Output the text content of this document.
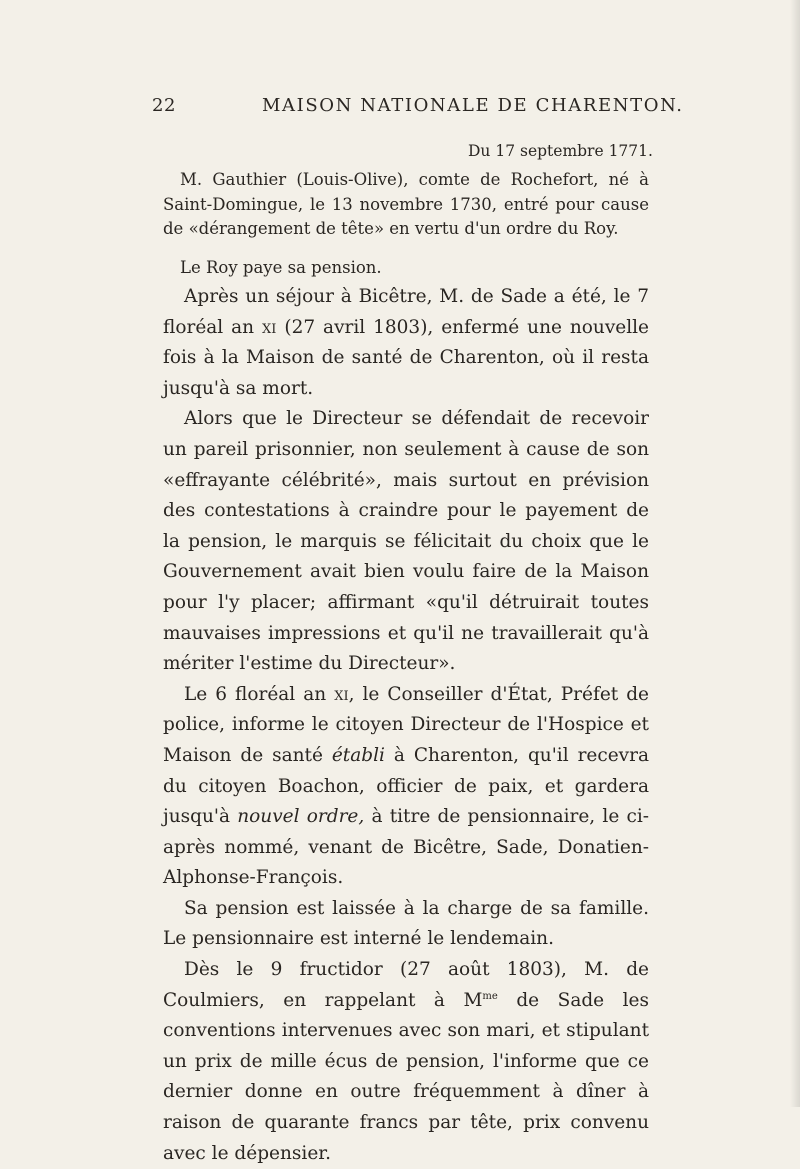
22	MAISON NATIONALE DE CHARENTON.
Du 17 septembre 1771.

M. Gauthier (Louis-Olive), comte de Rochefort, né à Saint-Domingue, le 13 novembre 1730, entré pour cause de «dérangement de tête» en vertu d'un ordre du Roy.

Le Roy paye sa pension.

Après un séjour à Bicêtre, M. de Sade a été, le 7 floréal an xi (27 avril 1803), enfermé une nouvelle fois à la Maison de santé de Charenton, où il resta jusqu'à sa mort.

Alors que le Directeur se défendait de recevoir un pareil prisonnier, non seulement à cause de son «effrayante célébrité», mais surtout en prévision des contestations à craindre pour le payement de la pension, le marquis se félicitait du choix que le Gouvernement avait bien voulu faire de la Maison pour l'y placer; affirmant «qu'il détruirait toutes mauvaises impressions et qu'il ne travaillerait qu'à mériter l'estime du Directeur».

Le 6 floréal an xi, le Conseiller d'État, Préfet de police, informe le citoyen Directeur de l'Hospice et Maison de santé établi à Charenton, qu'il recevra du citoyen Boachon, officier de paix, et gardera jusqu'à nouvel ordre, à titre de pensionnaire, le ci-après nommé, venant de Bicêtre, Sade, Donatien-Alphonse-François.

Sa pension est laissée à la charge de sa famille. Le pensionnaire est interné le lendemain.

Dès le 9 fructidor (27 août 1803), M. de Coulmiers, en rappelant à $M^{me}$ de Sade les conventions intervenues avec son mari, et stipulant un prix de mille écus de pension, l'informe que ce dernier donne en outre fréquemment à dîner à raison de quarante francs par tête, prix convenu avec le dépensier.
